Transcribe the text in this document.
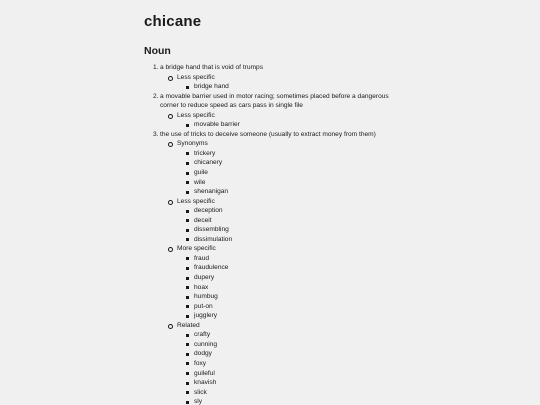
chicane
Noun
1. a bridge hand that is void of trumps
Less specific
bridge hand
2. a movable barrier used in motor racing; sometimes placed before a dangerous corner to reduce speed as cars pass in single file
Less specific
movable barrier
3. the use of tricks to deceive someone (usually to extract money from them)
Synonyms
trickery
chicanery
guile
wile
shenanigan
Less specific
deception
deceit
dissembling
dissimulation
More specific
fraud
fraudulence
dupery
hoax
humbug
put-on
jugglery
Related
crafty
cunning
dodgy
foxy
guileful
knavish
slick
sly
